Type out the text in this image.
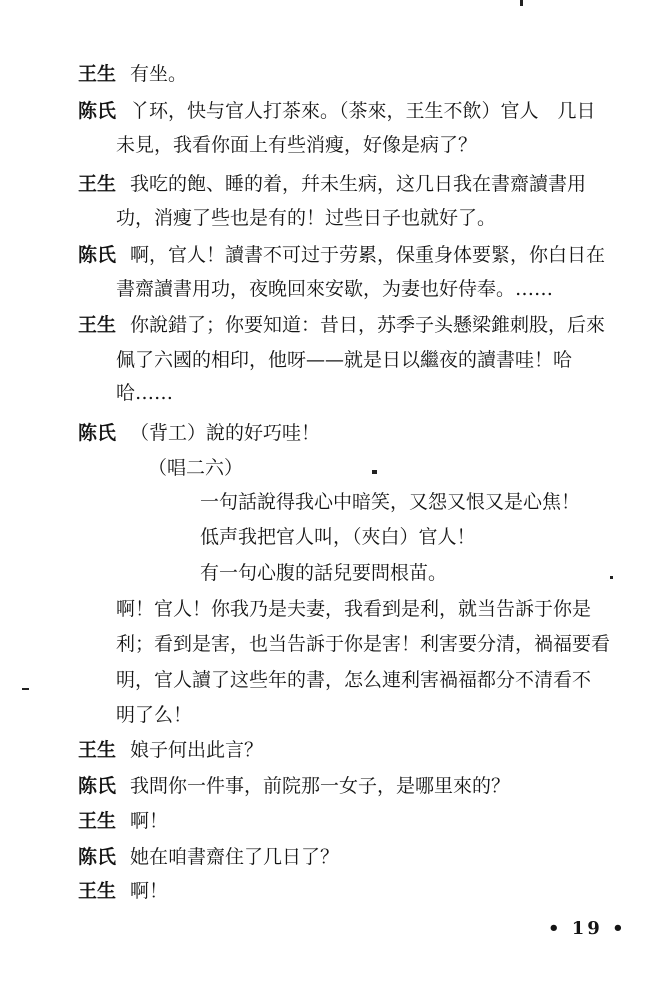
王生 有坐。
陈氏 丫环，快与官人打茶來。（茶來，王生不飲）官人　几日
未見，我看你面上有些消瘦，好像是病了？
王生 我吃的飽、睡的着，幷未生病，这几日我在書齋讀書用
功，消瘦了些也是有的！过些日子也就好了。
陈氏 啊，官人！讀書不可过于劳累，保重身体要緊，你白日在
書齋讀書用功，夜晚回來安歇，为妻也好侍奉。……
王生 你說錯了；你要知道：昔日，苏季子头懸梁錐刺股，后來
佩了六國的相印，他呀——就是日以繼夜的讀書哇！哈
哈……
陈氏 （背工）說的好巧哇！
（唱二六）
一句話說得我心中暗笑，又怨又恨又是心焦！
低声我把官人叫，（夾白）官人！
有一句心腹的話兒要問根苗。
啊！官人！你我乃是夫妻，我看到是利，就当告訴于你是
利；看到是害，也当告訴于你是害！利害要分清，禍福要看
明，官人讀了这些年的書，怎么連利害禍福都分不清看不
明了么！
王生 娘子何出此言？
陈氏 我問你一件事，前院那一女子，是哪里來的？
王生 啊！
陈氏 她在咱書齋住了几日了？
王生 啊！
• 19 •
